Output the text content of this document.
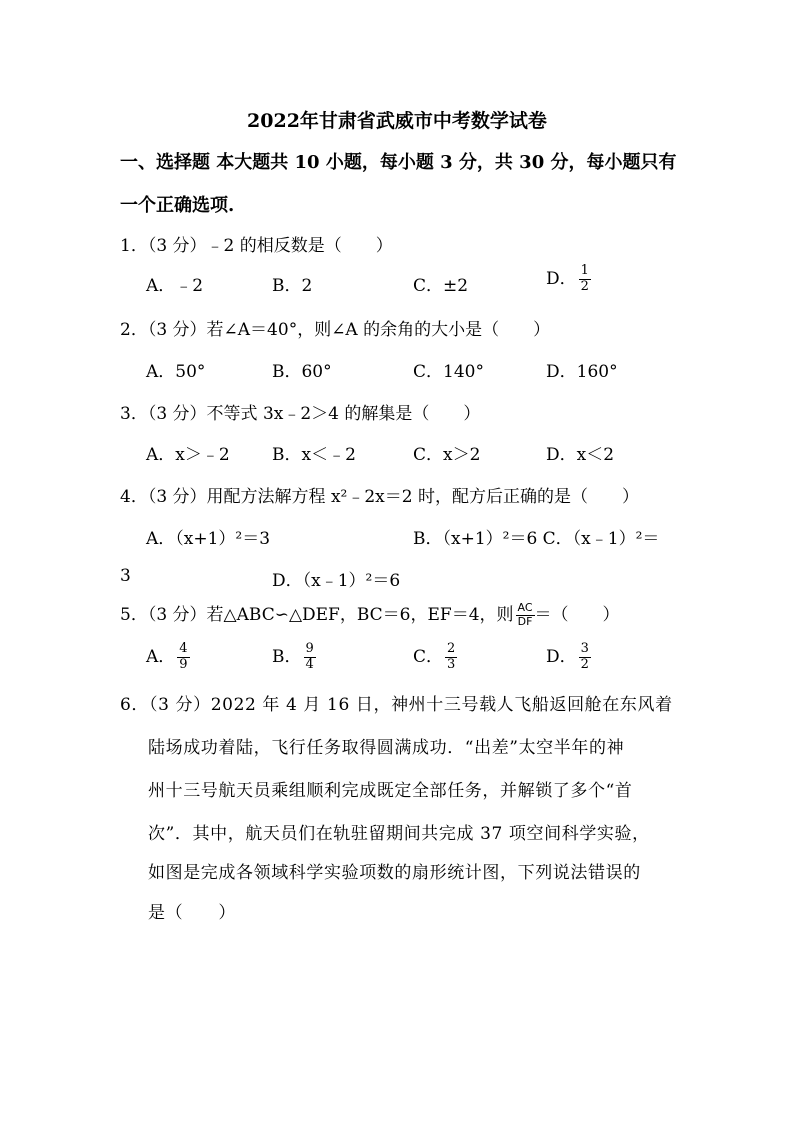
2022年甘肃省武威市中考数学试卷
一、选择题 本大题共 10 小题，每小题 3 分，共 30 分，每小题只有
一个正确选项.
1．（3 分）﹣2 的相反数是（　　）
A．﹣2	B．2	C．±2	D． $\frac{1}{2}$
2．（3 分）若∠A＝40°，则∠A 的余角的大小是（　　）
A．50°	B．60°	C．140°	D．160°
3．（3 分）不等式 3x﹣2＞4 的解集是（　　）
A．x＞﹣2 B．x＜﹣2	C．x＞2	D．x＜2
4．（3 分）用配方法解方程 x²﹣2x＝2 时，配方后正确的是（　　）
A．（x+1）²＝3	B．（x+1）²＝6 C．（x﹣1）²＝
3	D．（x﹣1）²＝6
5．（3 分）若△ABC∽△DEF，BC＝6，EF＝4，则 $\frac{AC}{DF}$ ＝（　　）
A． $\frac{4}{9}$	B． $\frac{9}{4}$	C． $\frac{2}{3}$	D． $\frac{3}{2}$
6．（3 分）2022 年 4 月 16 日，神州十三号载人飞船返回舱在东风着
陆场成功着陆，飞行任务取得圆满成功．“出差”太空半年的神
州十三号航天员乘组顺利完成既定全部任务，并解锁了多个“首
次”．其中，航天员们在轨驻留期间共完成 37 项空间科学实验，
如图是完成各领域科学实验项数的扇形统计图，下列说法错误的
是（　　）
